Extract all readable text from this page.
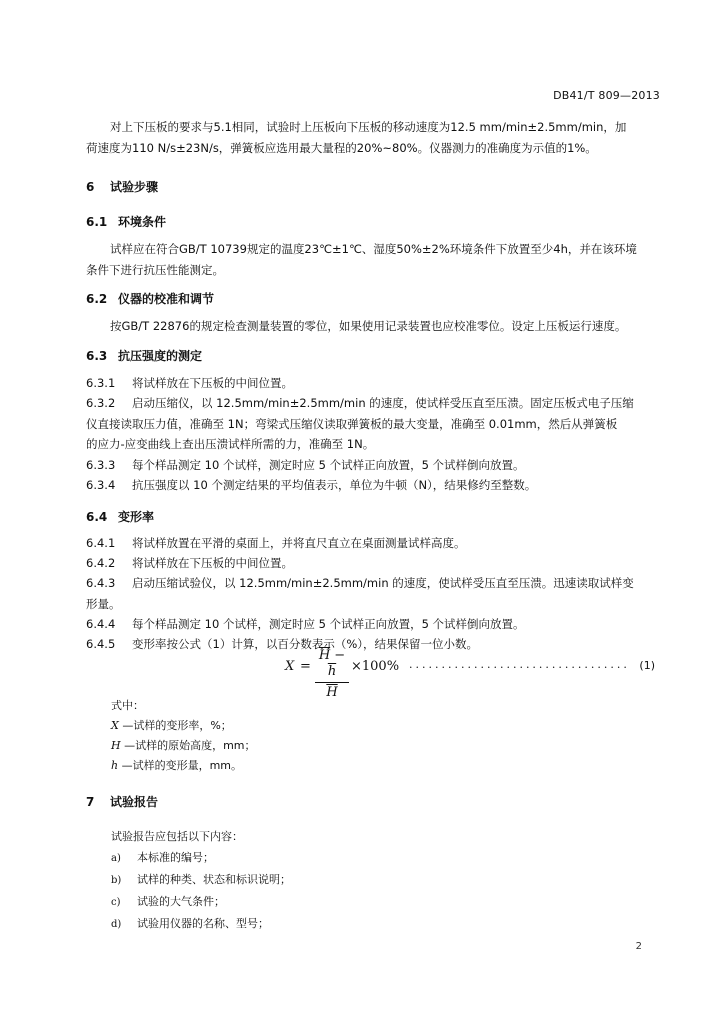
DB41/T 809—2013
对上下压板的要求与5.1相同，试验时上压板向下压板的移动速度为12.5 mm/min±2.5mm/min，加
荷速度为110 N/s±23N/s，弹簧板应选用最大量程的20%~80%。仪器测力的准确度为示值的1%。
6 试验步骤
6.1 环境条件
试样应在符合GB/T 10739规定的温度23℃±1℃、湿度50%±2%环境条件下放置至少4h，并在该环境
条件下进行抗压性能测定。
6.2 仪器的校准和调节
按GB/T 22876的规定检查测量装置的零位，如果使用记录装置也应校准零位。设定上压板运行速度。
6.3 抗压强度的测定
6.3.1 将试样放在下压板的中间位置。
6.3.2 启动压缩仪，以 12.5mm/min±2.5mm/min 的速度，使试样受压直至压溃。固定压板式电子压缩
仪直接读取压力值，准确至 1N；弯梁式压缩仪读取弹簧板的最大变量，准确至 0.01mm，然后从弹簧板
的应力-应变曲线上查出压溃试样所需的力，准确至 1N。
6.3.3 每个样品测定 10 个试样，测定时应 5 个试样正向放置，5 个试样倒向放置。
6.3.4 抗压强度以 10 个测定结果的平均值表示，单位为牛顿（N），结果修约至整数。
6.4 变形率
6.4.1 将试样放置在平滑的桌面上，并将直尺直立在桌面测量试样高度。
6.4.2 将试样放在下压板的中间位置。
6.4.3 启动压缩试验仪，以 12.5mm/min±2.5mm/min 的速度，使试样受压直至压溃。迅速读取试样变
形量。
6.4.4 每个样品测定 10 个试样，测定时应 5 个试样正向放置，5 个试样倒向放置。
6.4.5 变形率按公式（1）计算，以百分数表示（%），结果保留一位小数。
X =
$\overline{H} - \overline{h}$
$\overline{H}$
×100% .................................. (1)
式中：
X —试样的变形率，%；
H —试样的原始高度，mm；
h —试样的变形量，mm。
7 试验报告
试验报告应包括以下内容：
a) 本标准的编号；
b) 试样的种类、状态和标识说明；
c) 试验的大气条件；
d) 试验用仪器的名称、型号；
2
